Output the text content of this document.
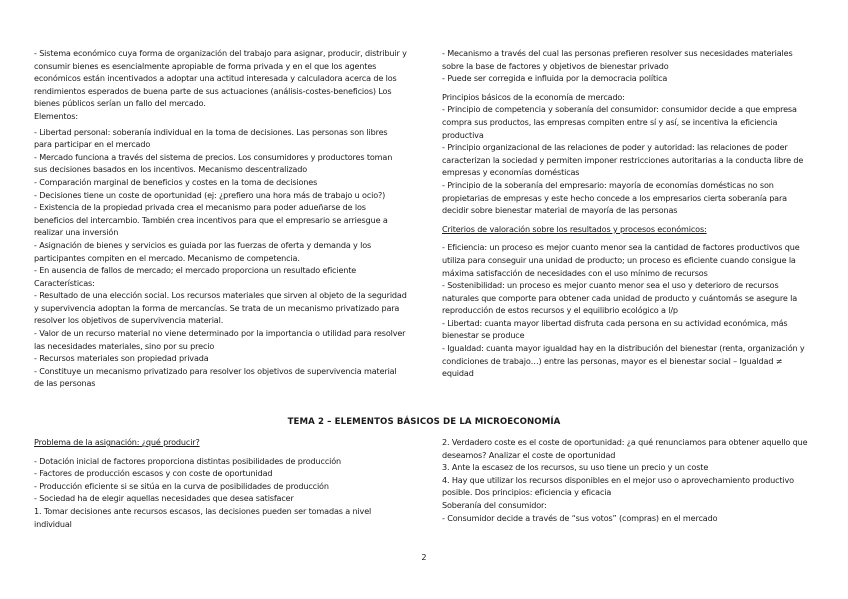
- Sistema económico cuya forma de organización del trabajo para asignar, producir, distribuir y consumir bienes es esencialmente apropiable de forma privada y en el que los agentes económicos están incentivados a adoptar una actitud interesada y calculadora acerca de los rendimientos esperados de buena parte de sus actuaciones (análisis-costes-beneficios) Los bienes públicos serían un fallo del mercado.

Elementos:

- Libertad personal: soberanía individual en la toma de decisiones. Las personas son libres para participar en el mercado

- Mercado funciona a través del sistema de precios. Los consumidores y productores toman sus decisiones basados en los incentivos. Mecanismo descentralizado

- Comparación marginal de beneficios y costes en la toma de decisiones

- Decisiones tiene un coste de oportunidad (ej: ¿prefiero una hora más de trabajo u ocio?)

- Existencia de la propiedad privada crea el mecanismo para poder adueñarse de los beneficios del intercambio. También crea incentivos para que el empresario se arriesgue a realizar una inversión

- Asignación de bienes y servicios es guiada por las fuerzas de oferta y demanda y los participantes compiten en el mercado. Mecanismo de competencia.

- En ausencia de fallos de mercado; el mercado proporciona un resultado eficiente

Características:

- Resultado de una elección social. Los recursos materiales que sirven al objeto de la seguridad y supervivencia adoptan la forma de mercancías. Se trata de un mecanismo privatizado para resolver los objetivos de supervivencia material.

- Valor de un recurso material no viene determinado por la importancia o utilidad para resolver las necesidades materiales, sino por su precio

- Recursos materiales son propiedad privada

- Constituye un mecanismo privatizado para resolver los objetivos de supervivencia material de las personas

- Mecanismo a través del cual las personas prefieren resolver sus necesidades materiales sobre la base de factores y objetivos de bienestar privado

- Puede ser corregida e influida por la democracia política

Principios básicos de la economía de mercado:

- Principio de competencia y soberanía del consumidor: consumidor decide a que empresa compra sus productos, las empresas compiten entre sí y así, se incentiva la eficiencia productiva

- Principio organizacional de las relaciones de poder y autoridad: las relaciones de poder caracterizan la sociedad y permiten imponer restricciones autoritarias a la conducta libre de empresas y economías domésticas

- Principio de la soberanía del empresario: mayoría de economías domésticas no son propietarias de empresas y este hecho concede a los empresarios cierta soberanía para decidir sobre bienestar material de mayoría de las personas

Criterios de valoración sobre los resultados y procesos económicos:

- Eficiencia: un proceso es mejor cuanto menor sea la cantidad de factores productivos que utiliza para conseguir una unidad de producto; un proceso es eficiente cuando consigue la máxima satisfacción de necesidades con el uso mínimo de recursos

- Sostenibilidad: un proceso es mejor cuanto menor sea el uso y deterioro de recursos naturales que comporte para obtener cada unidad de producto y cuántomás se asegure la reproducción de estos recursos y el equilibrio ecológico a l/p

- Libertad: cuanta mayor libertad disfruta cada persona en su actividad económica, más bienestar se produce

- Igualdad: cuanta mayor igualdad hay en la distribución del bienestar (renta, organización y condiciones de trabajo…) entre las personas, mayor es el bienestar social – Igualdad ≠ equidad

TEMA 2 – ELEMENTOS BÁSICOS DE LA MICROECONOMÍA

Problema de la asignación: ¿qué producir?

- Dotación inicial de factores proporciona distintas posibilidades de producción

- Factores de producción escasos y con coste de oportunidad

- Producción eficiente si se sitúa en la curva de posibilidades de producción

- Sociedad ha de elegir aquellas necesidades que desea satisfacer

1. Tomar decisiones ante recursos escasos, las decisiones pueden ser tomadas a nivel individual

2. Verdadero coste es el coste de oportunidad: ¿a qué renunciamos para obtener aquello que deseamos? Analizar el coste de oportunidad

3. Ante la escasez de los recursos, su uso tiene un precio y un coste

4. Hay que utilizar los recursos disponibles en el mejor uso o aprovechamiento productivo posible. Dos principios: eficiencia y eficacia

Soberanía del consumidor:

- Consumidor decide a través de “sus votos” (compras) en el mercado

2
